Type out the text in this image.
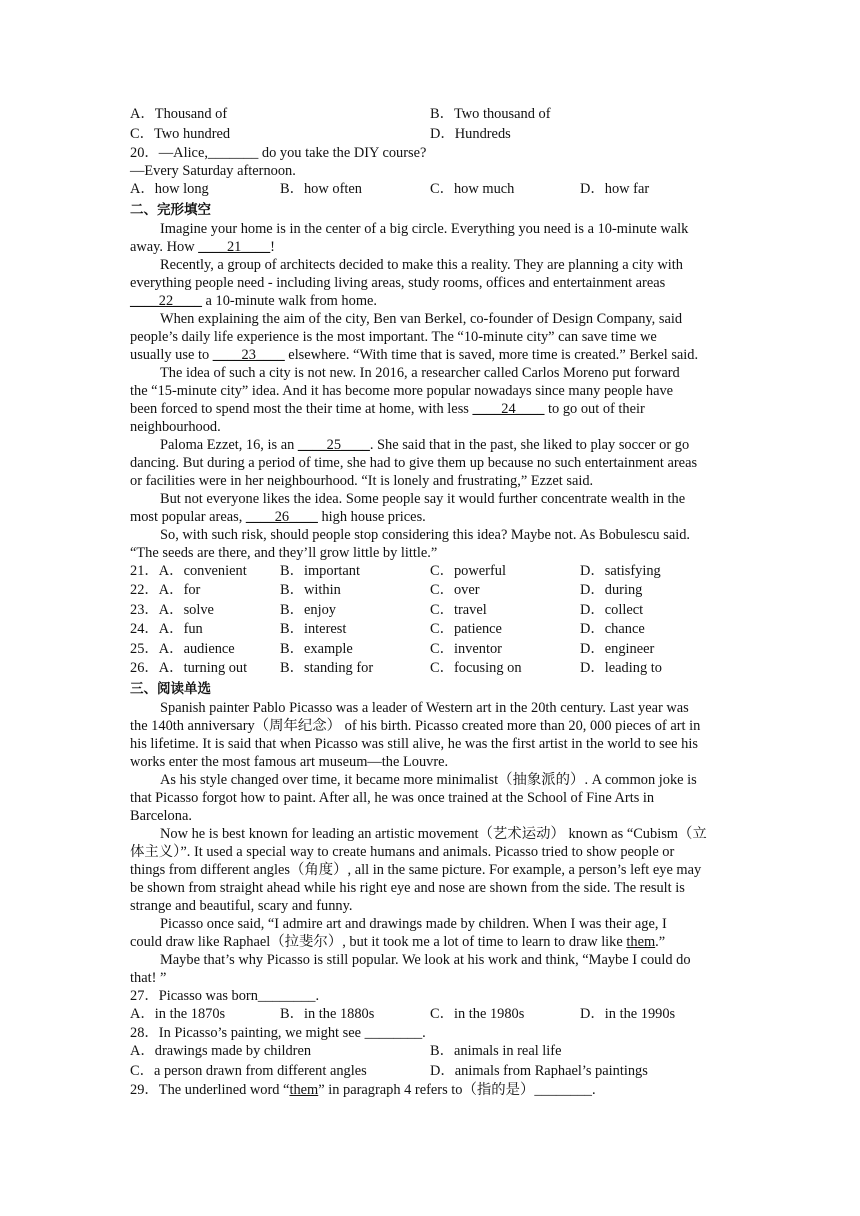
A．Thousand of	B．Two thousand of
C．Two hundred	D．Hundreds
20．—Alice,_______ do you take the DIY course?
—Every Saturday afternoon.
A．how long	B．how often	C．how much	D．how far
二、完形填空
Imagine your home is in the center of a big circle. Everything you need is a 10-minute walk
away. How ____21____!
Recently, a group of architects decided to make this a reality. They are planning a city with
everything people need - including living areas, study rooms, offices and entertainment areas
____22____ a 10-minute walk from home.
When explaining the aim of the city, Ben van Berkel, co-founder of Design Company, said
people’s daily life experience is the most important. The “10-minute city” can save time we
usually use to ____23____ elsewhere. “With time that is saved, more time is created.” Berkel said.
The idea of such a city is not new. In 2016, a researcher called Carlos Moreno put forward
the “15-minute city” idea. And it has become more popular nowadays since many people have
been forced to spend most the their time at home, with less ____24____ to go out of their
neighbourhood.
Paloma Ezzet, 16, is an ____25____. She said that in the past, she liked to play soccer or go
dancing. But during a period of time, she had to give them up because no such entertainment areas
or facilities were in her neighbourhood. “It is lonely and frustrating,” Ezzet said.
But not everyone likes the idea. Some people say it would further concentrate wealth in the
most popular areas, ____26____ high house prices.
So, with such risk, should people stop considering this idea? Maybe not. As Bobulescu said.
“The seeds are there, and they’ll grow little by little.”
21．A．convenient B．important	C．powerful	D．satisfying
22．A．for	B．within	C．over	D．during
23．A．solve	B．enjoy	C．travel	D．collect
24．A．fun	B．interest	C．patience	D．chance
25．A．audience	B．example	C．inventor	D．engineer
26．A．turning out B．standing for	C．focusing on	D．leading to
三、阅读单选
Spanish painter Pablo Picasso was a leader of Western art in the 20th century. Last year was
the 140th anniversary（周年纪念） of his birth. Picasso created more than 20, 000 pieces of art in
his lifetime. It is said that when Picasso was still alive, he was the first artist in the world to see his
works enter the most famous art museum—the Louvre.
As his style changed over time, it became more minimalist（抽象派的）. A common joke is
that Picasso forgot how to paint. After all, he was once trained at the School of Fine Arts in
Barcelona.
Now he is best known for leading an artistic movement（艺术运动） known as “Cubism（立
体主义）”. It used a special way to create humans and animals. Picasso tried to show people or
things from different angles（角度）, all in the same picture. For example, a person’s left eye may
be shown from straight ahead while his right eye and nose are shown from the side. The result is
strange and beautiful, scary and funny.
Picasso once said, “I admire art and drawings made by children. When I was their age, I
could draw like Raphael（拉斐尔）, but it took me a lot of time to learn to draw like them.”
Maybe that’s why Picasso is still popular. We look at his work and think, “Maybe I could do
that! ”
27．Picasso was born________.
A．in the 1870s	B．in the 1880s	C．in the 1980s	D．in the 1990s
28．In Picasso’s painting, we might see ________.
A．drawings made by children	B．animals in real life
C．a person drawn from different angles	D．animals from Raphael’s paintings
29．The underlined word “them” in paragraph 4 refers to（指的是）________.
